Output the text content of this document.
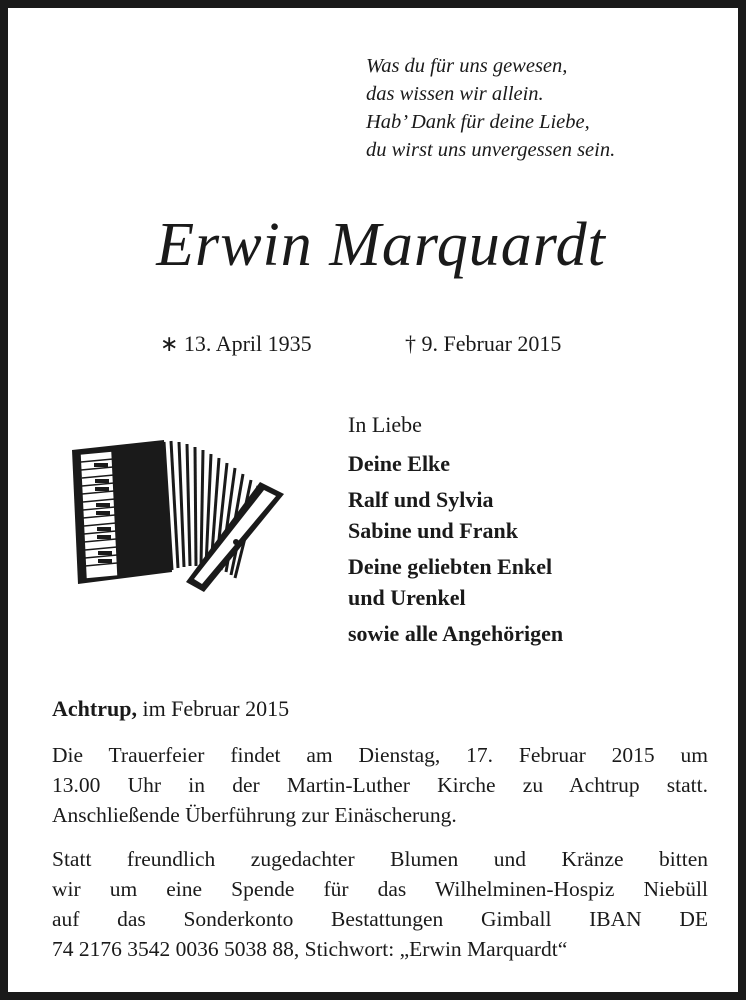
Was du für uns gewesen,
das wissen wir allein.
Hab’ Dank für deine Liebe,
du wirst uns unvergessen sein.
Erwin Marquardt
∗ 13. April 1935	† 9. Februar 2015
In Liebe
Deine Elke
Ralf und Sylvia
Sabine und Frank
Deine geliebten Enkel
und Urenkel
sowie alle Angehörigen
Achtrup, im Februar 2015
Die Trauerfeier findet am Dienstag, 17. Februar 2015 um
13.00 Uhr in der Martin-Luther Kirche zu Achtrup statt.
Anschließende Überführung zur Einäscherung.
Statt freundlich zugedachter Blumen und Kränze bitten
wir um eine Spende für das Wilhelminen-Hospiz Niebüll
auf das Sonderkonto Bestattungen Gimball IBAN DE
74 2176 3542 0036 5038 88, Stichwort: „Erwin Marquardt“
